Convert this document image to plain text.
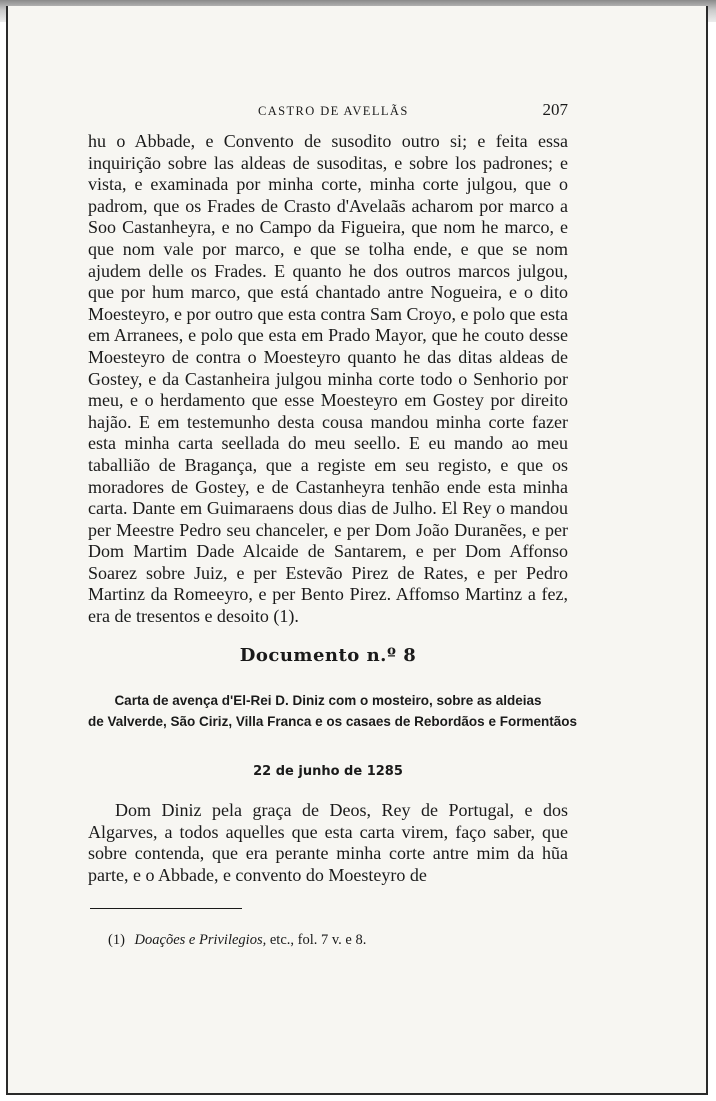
CASTRO DE AVELLÃS	207

hu o Abbade, e Convento de susodito outro si; e feita essa inquirição sobre las aldeas de susoditas, e sobre los padrones; e vista, e examinada por minha corte, minha corte julgou, que o padrom, que os Frades de Crasto d'Avelaãs acharom por marco a Soo Castanheyra, e no Campo da Figueira, que nom he marco, e que nom vale por marco, e que se tolha ende, e que se nom ajudem delle os Frades. E quanto he dos outros marcos julgou, que por hum marco, que está chantado antre Nogueira, e o dito Moesteyro, e por outro que esta contra Sam Croyo, e polo que esta em Arranees, e polo que esta em Prado Mayor, que he couto desse Moesteyro de contra o Moesteyro quanto he das ditas aldeas de Gostey, e da Castanheira julgou minha corte todo o Senhorio por meu, e o herdamento que esse Moesteyro em Gostey por direito hajão. E em testemunho desta cousa mandou minha corte fazer esta minha carta seellada do meu seello. E eu mando ao meu taballião de Bragança, que a registe em seu registo, e que os moradores de Gostey, e de Castanheyra tenhão ende esta minha carta. Dante em Guimaraens dous dias de Julho. El Rey o mandou per Meestre Pedro seu chanceler, e per Dom João Duranẽes, e per Dom Martim Dade Alcaide de Santarem, e per Dom Affonso Soarez sobre Juiz, e per Estevão Pirez de Rates, e per Pedro Martinz da Romeeyro, e per Bento Pirez. Affomso Martinz a fez, era de tresentos e desoito (1).

Documento n.º 8
Carta de avença d'El-Rei D. Diniz com o mosteiro, sobre as aldeias
de Valverde, São Ciriz, Villa Franca e os casaes de Rebordãos e Formentãos
22 de junho de 1285

Dom Diniz pela graça de Deos, Rey de Portugal, e dos Algarves, a todos aquelles que esta carta virem, faço saber, que sobre contenda, que era perante minha corte antre mim da hũa parte, e o Abbade, e convento do Moesteyro de

(1) Doações e Privilegios, etc., fol. 7 v. e 8.
